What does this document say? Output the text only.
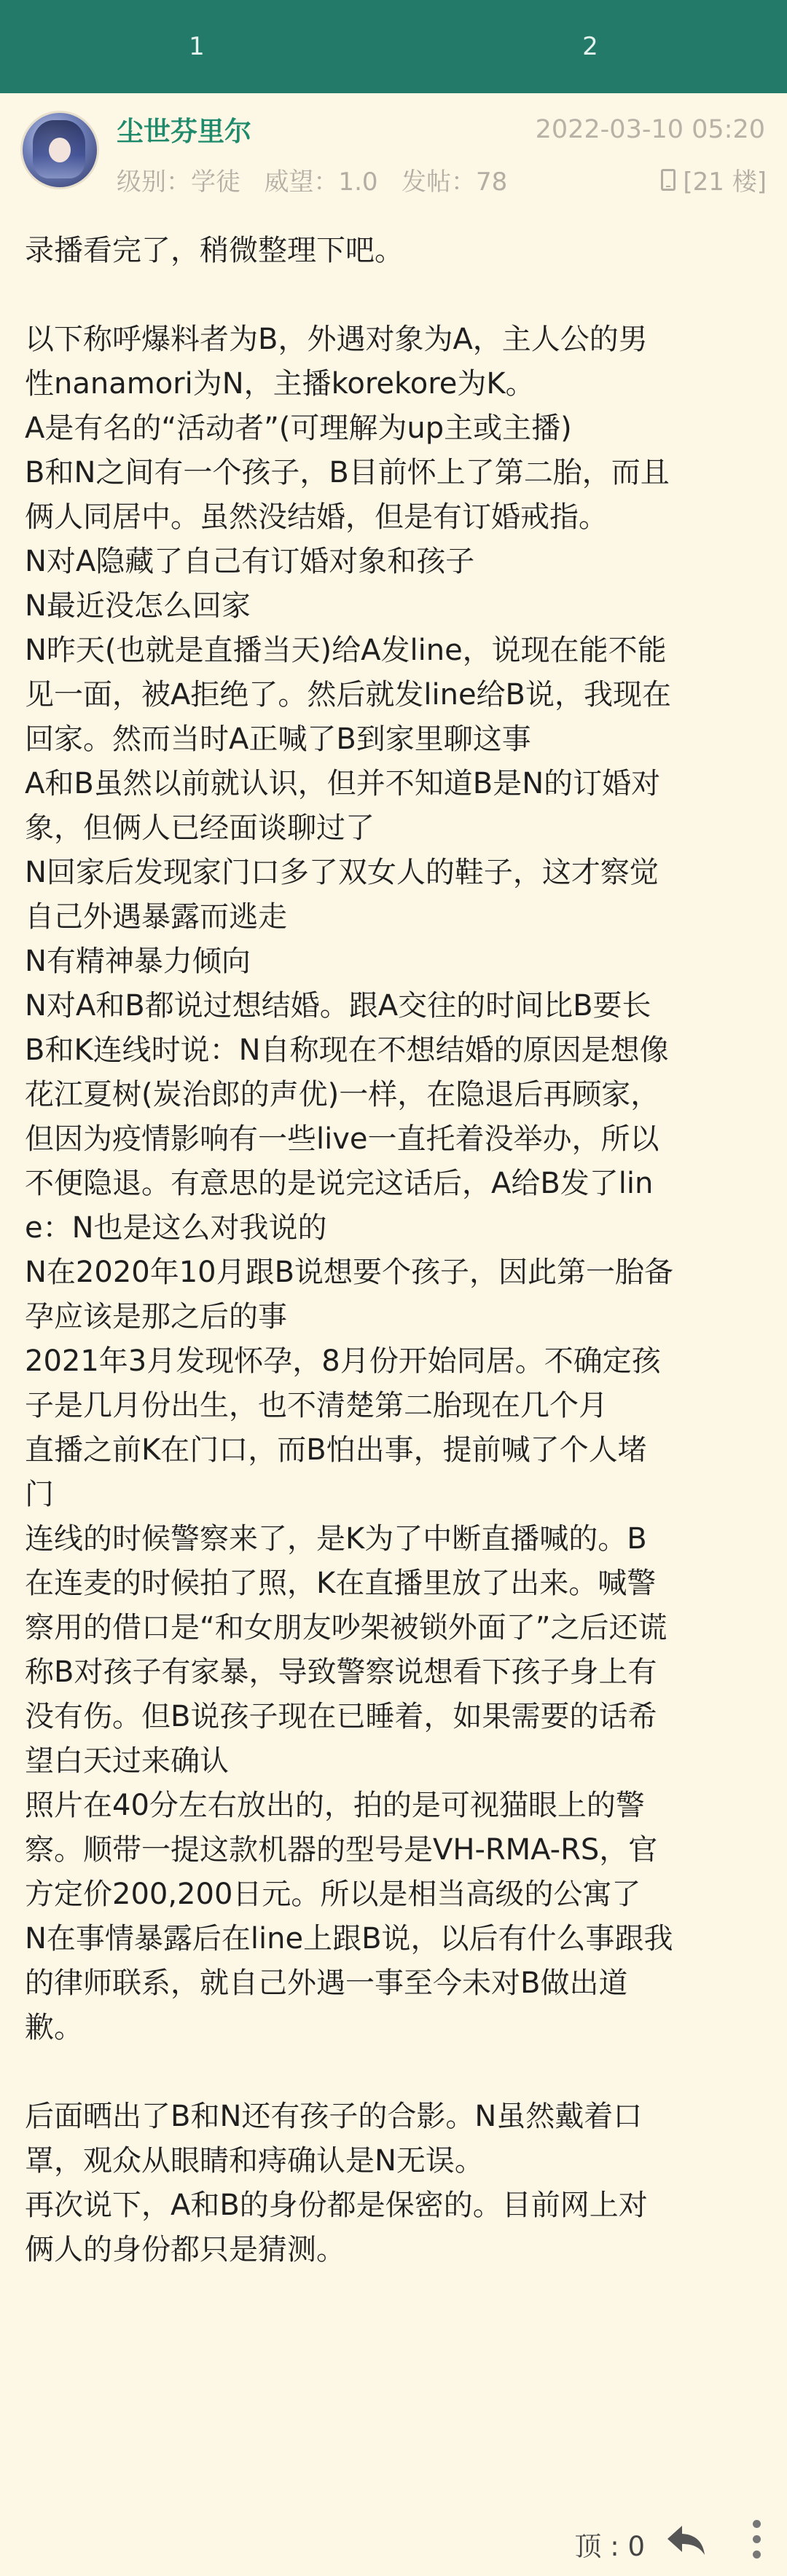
1	2
尘世芬里尔	2022-03-10 05:20
级别：学徒 威望：1.0 发帖：78	[21 楼]

录播看完了，稍微整理下吧。

以下称呼爆料者为B，外遇对象为A，主人公的男

性nanamori为N，主播korekore为K。

A是有名的“活动者”(可理解为up主或主播)

B和N之间有一个孩子，B目前怀上了第二胎，而且

俩人同居中。虽然没结婚，但是有订婚戒指。

N对A隐藏了自己有订婚对象和孩子

N最近没怎么回家

N昨天(也就是直播当天)给A发line，说现在能不能

见一面，被A拒绝了。然后就发line给B说，我现在

回家。然而当时A正喊了B到家里聊这事

A和B虽然以前就认识，但并不知道B是N的订婚对

象，但俩人已经面谈聊过了

N回家后发现家门口多了双女人的鞋子，这才察觉

自己外遇暴露而逃走

N有精神暴力倾向

N对A和B都说过想结婚。跟A交往的时间比B要长

B和K连线时说：N自称现在不想结婚的原因是想像

花江夏树(炭治郎的声优)一样，在隐退后再顾家，

但因为疫情影响有一些live一直托着没举办，所以

不便隐退。有意思的是说完这话后，A给B发了lin

e：N也是这么对我说的

N在2020年10月跟B说想要个孩子，因此第一胎备

孕应该是那之后的事

2021年3月发现怀孕，8月份开始同居。不确定孩

子是几月份出生，也不清楚第二胎现在几个月

直播之前K在门口，而B怕出事，提前喊了个人堵

门

连线的时候警察来了，是K为了中断直播喊的。B

在连麦的时候拍了照，K在直播里放了出来。喊警

察用的借口是“和女朋友吵架被锁外面了”之后还谎

称B对孩子有家暴，导致警察说想看下孩子身上有

没有伤。但B说孩子现在已睡着，如果需要的话希

望白天过来确认

照片在40分左右放出的，拍的是可视猫眼上的警

察。顺带一提这款机器的型号是VH-RMA-RS，官

方定价200,200日元。所以是相当高级的公寓了

N在事情暴露后在line上跟B说，以后有什么事跟我

的律师联系，就自己外遇一事至今未对B做出道

歉。

后面晒出了B和N还有孩子的合影。N虽然戴着口

罩，观众从眼睛和痔确认是N无误。

再次说下，A和B的身份都是保密的。目前网上对

俩人的身份都只是猜测。

顶 : 0
